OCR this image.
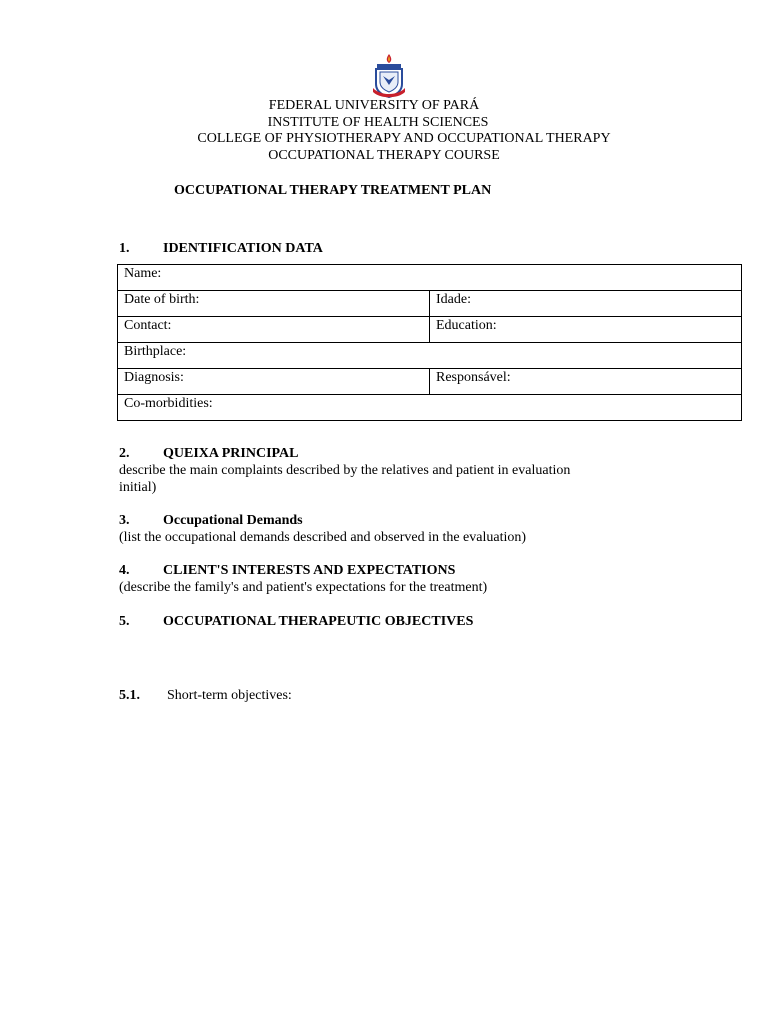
FEDERAL UNIVERSITY OF PARÁ
INSTITUTE OF HEALTH SCIENCES
COLLEGE OF PHYSIOTHERAPY AND OCCUPATIONAL THERAPY
OCCUPATIONAL THERAPY COURSE
OCCUPATIONAL THERAPY TREATMENT PLAN
1. IDENTIFICATION DATA
Name:	
Date of birth:	Idade:
Contact:	Education:
Birthplace:	
Diagnosis:	Responsável:
Co-morbidities:	
2. QUEIXA PRINCIPAL
describe the main complaints described by the relatives and patient in evaluation
initial)
3. Occupational Demands
(list the occupational demands described and observed in the evaluation)
4. CLIENT'S INTERESTS AND EXPECTATIONS
(describe the family's and patient's expectations for the treatment)
5. OCCUPATIONAL THERAPEUTIC OBJECTIVES
5.1. Short-term objectives:
